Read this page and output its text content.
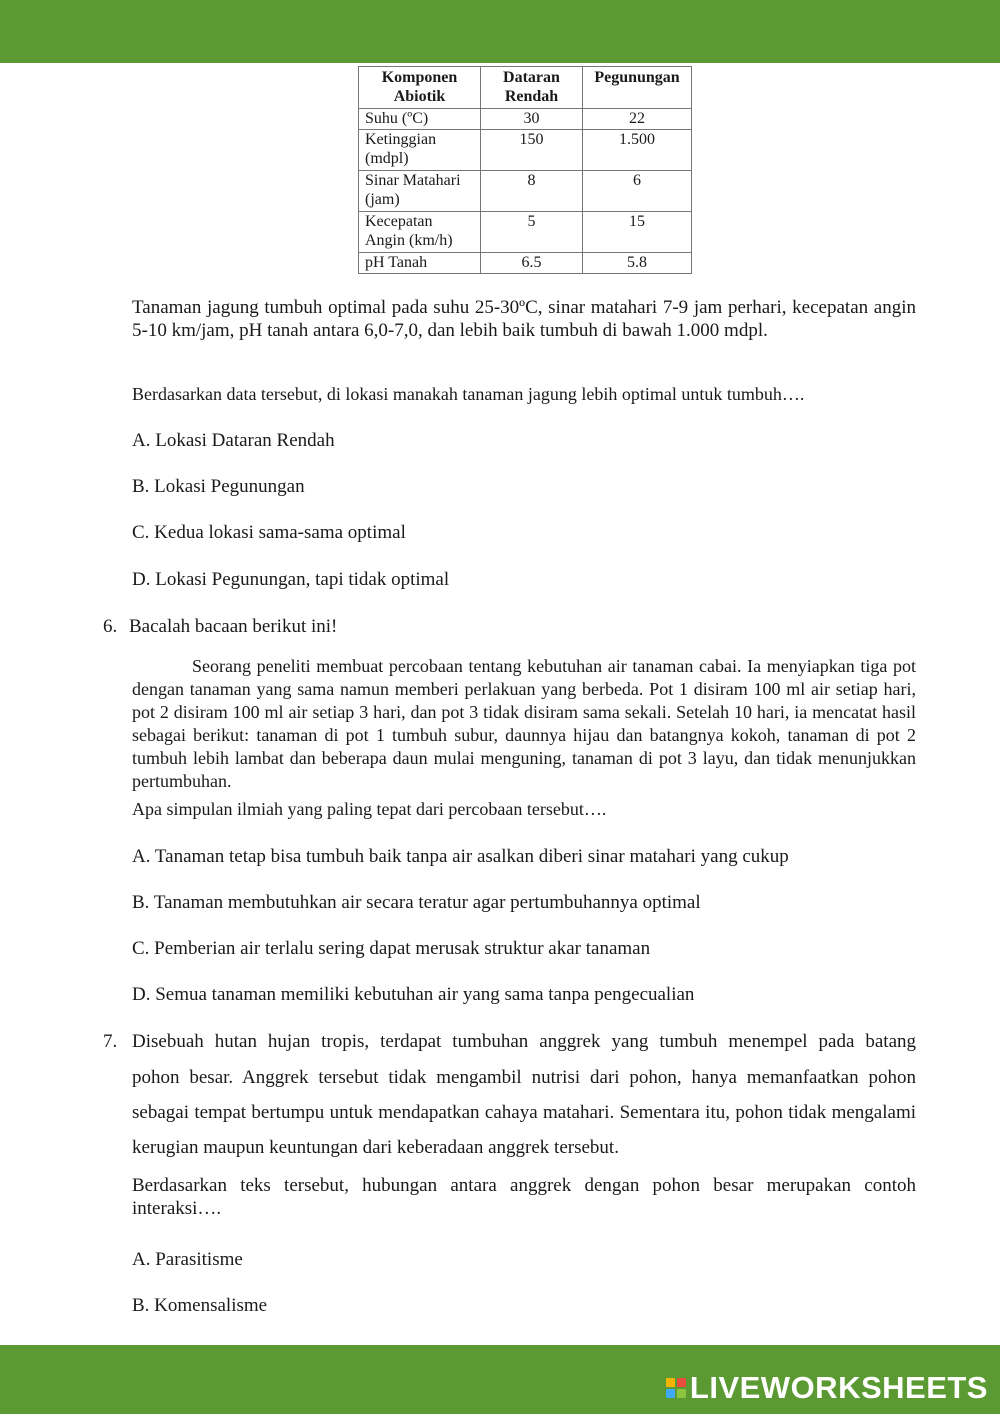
Komponen Abiotik	Dataran Rendah	Pegunungan
Suhu (ºC)	30	22
Ketinggian (mdpl)	150	1.500
Sinar Matahari (jam)	8	6
Kecepatan Angin (km/h)	5	15
pH Tanah	6.5	5.8
Tanaman jagung tumbuh optimal pada suhu 25-30ºC, sinar matahari 7-9 jam perhari, kecepatan angin 5-10 km/jam, pH tanah antara 6,0-7,0, dan lebih baik tumbuh di bawah 1.000 mdpl.
Berdasarkan data tersebut, di lokasi manakah tanaman jagung lebih optimal untuk tumbuh….
A. Lokasi Dataran Rendah
B. Lokasi Pegunungan
C. Kedua lokasi sama-sama optimal
D. Lokasi Pegunungan, tapi tidak optimal
6. Bacalah bacaan berikut ini!
Seorang peneliti membuat percobaan tentang kebutuhan air tanaman cabai. Ia menyiapkan tiga pot dengan tanaman yang sama namun memberi perlakuan yang berbeda. Pot 1 disiram 100 ml air setiap hari, pot 2 disiram 100 ml air setiap 3 hari, dan pot 3 tidak disiram sama sekali. Setelah 10 hari, ia mencatat hasil sebagai berikut: tanaman di pot 1 tumbuh subur, daunnya hijau dan batangnya kokoh, tanaman di pot 2 tumbuh lebih lambat dan beberapa daun mulai menguning, tanaman di pot 3 layu, dan tidak menunjukkan pertumbuhan.
Apa simpulan ilmiah yang paling tepat dari percobaan tersebut….
A. Tanaman tetap bisa tumbuh baik tanpa air asalkan diberi sinar matahari yang cukup
B. Tanaman membutuhkan air secara teratur agar pertumbuhannya optimal
C. Pemberian air terlalu sering dapat merusak struktur akar tanaman
D. Semua tanaman memiliki kebutuhan air yang sama tanpa pengecualian
7. Disebuah hutan hujan tropis, terdapat tumbuhan anggrek yang tumbuh menempel pada batang
pohon besar. Anggrek tersebut tidak mengambil nutrisi dari pohon, hanya memanfaatkan pohon sebagai tempat bertumpu untuk mendapatkan cahaya matahari. Sementara itu, pohon tidak mengalami kerugian maupun keuntungan dari keberadaan anggrek tersebut.
Berdasarkan teks tersebut, hubungan antara anggrek dengan pohon besar merupakan contoh interaksi….
A. Parasitisme
B. Komensalisme
LIVEWORKSHEETS
